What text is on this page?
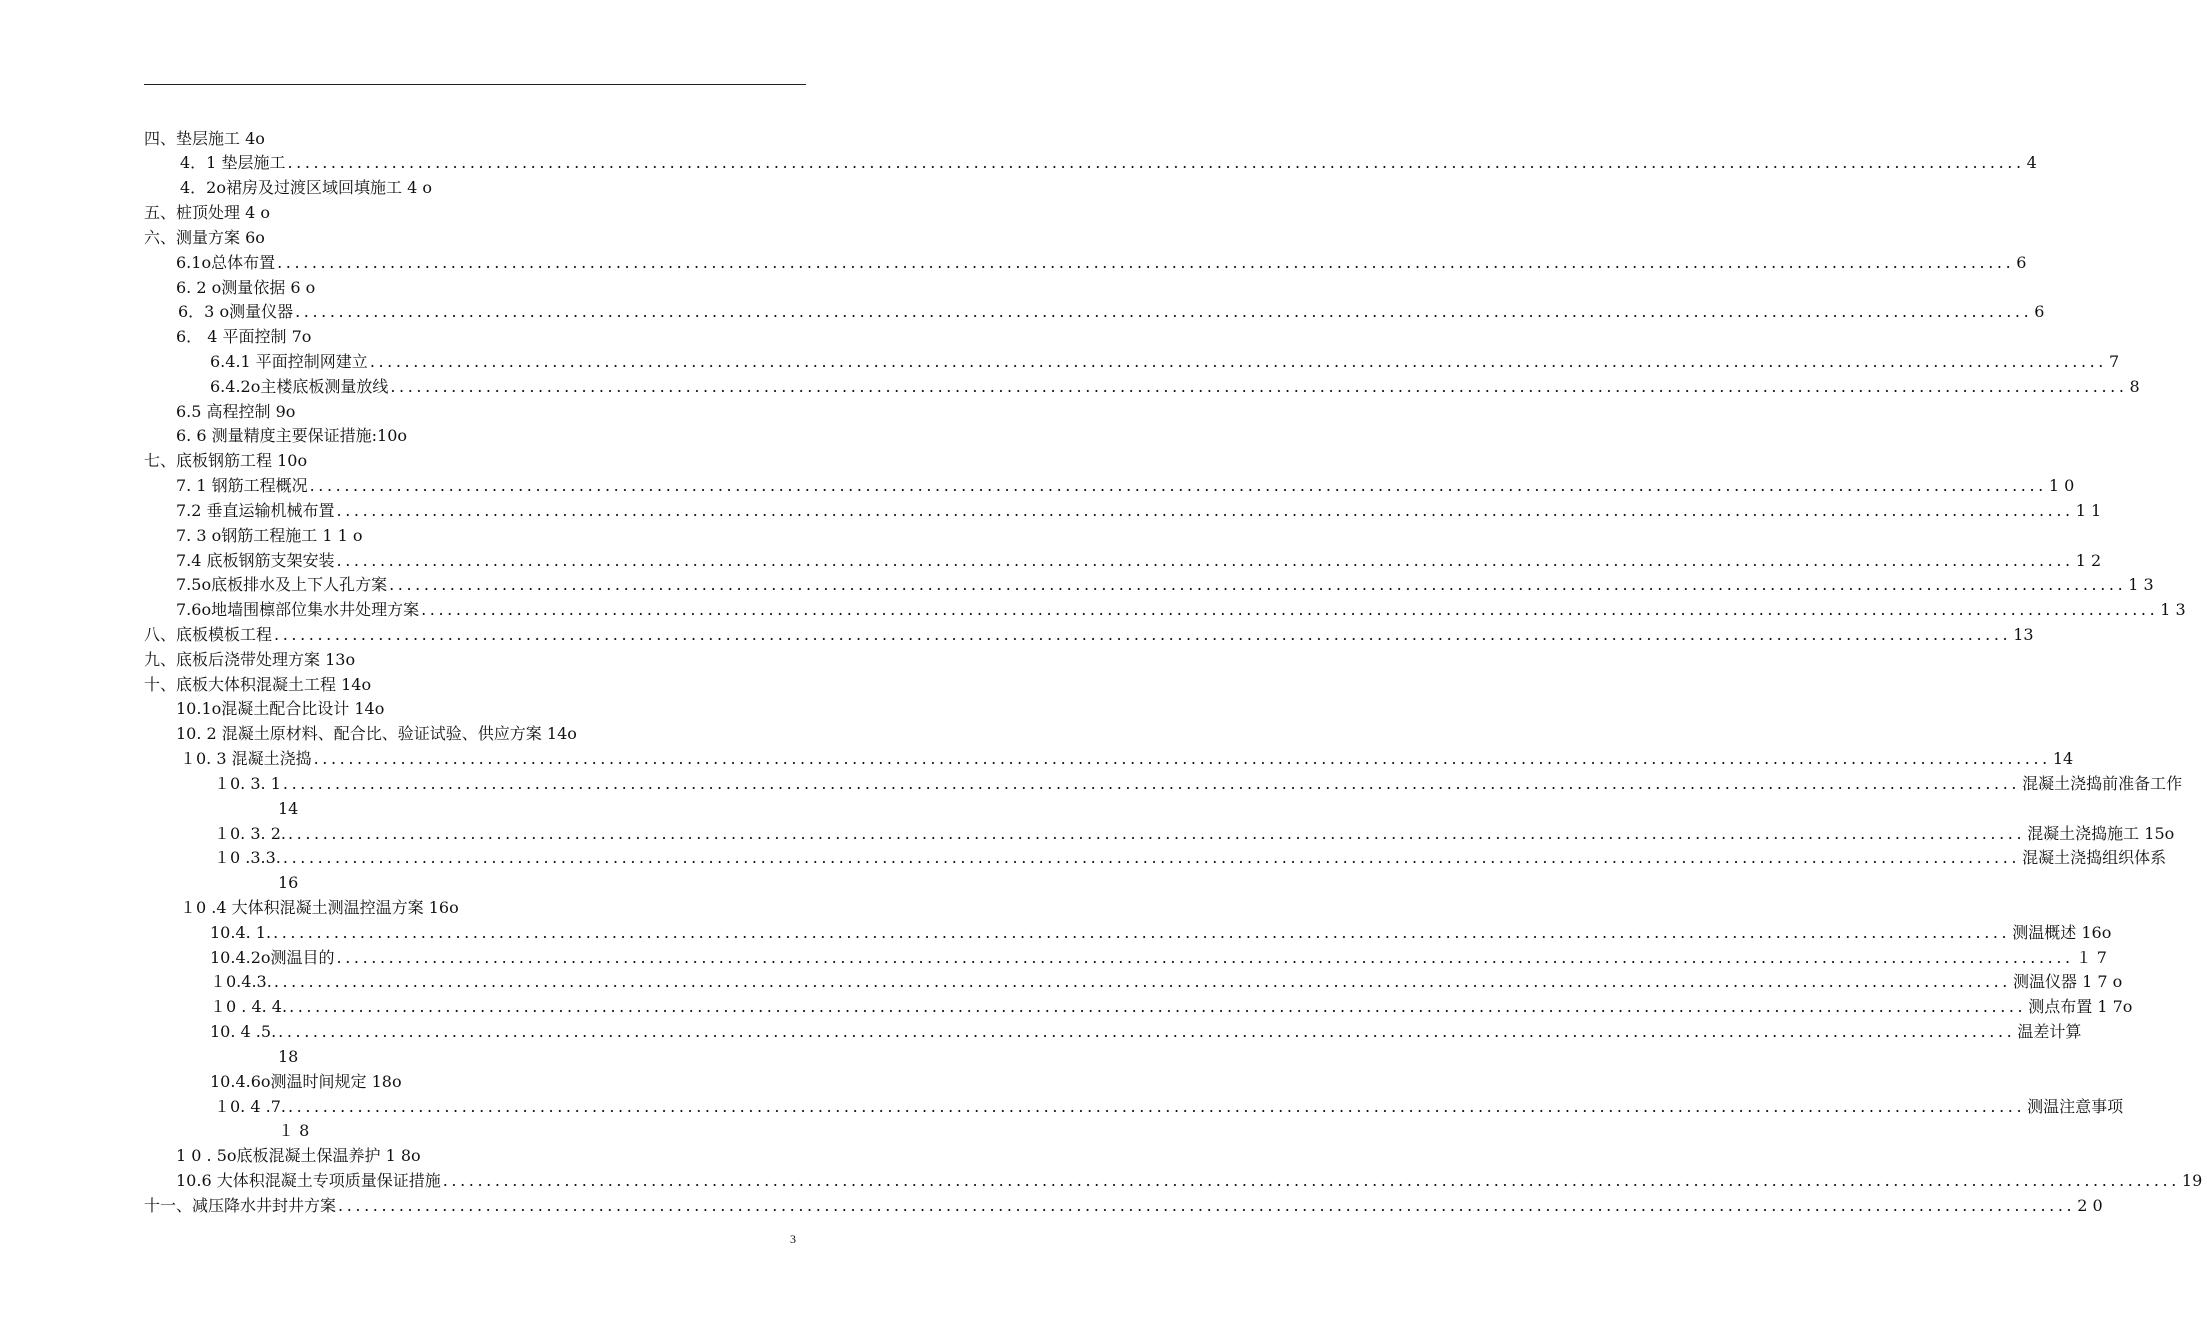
四、垫层施工 4o
4．1 垫层施工 ........................................................................................................................................................................................................ 4
4．2o裙房及过渡区域回填施工 4 o
五、桩顶处理 4 o
六、测量方案 6o
6.1o总体布置 ........................................................................................................................................................................................................ 6
6. 2 o测量依据 6 o
6．3 o测量仪器 ........................................................................................................................................................................................................ 6
6． 4 平面控制 7o
6.4.1 平面控制网建立 ........................................................................................................................................................................................................ 7
6.4.2o主楼底板测量放线 ........................................................................................................................................................................................................ 8
6.5 高程控制 9o
6. 6 测量精度主要保证措施:10o
七、底板钢筋工程 10o
7. 1 钢筋工程概况 ........................................................................................................................................................................................................ 1 0
7.2 垂直运输机械布置 ........................................................................................................................................................................................................ 1 1
7. 3 o钢筋工程施工 1 1 o
7.4 底板钢筋支架安装 ........................................................................................................................................................................................................ 1 2
7.5o底板排水及上下人孔方案 ........................................................................................................................................................................................................ 1 3
7.6o地墙围檩部位集水井处理方案 ........................................................................................................................................................................................................ 1 3
八、底板模板工程 ........................................................................................................................................................................................................ 13
九、底板后浇带处理方案 13o
十、底板大体积混凝土工程 14o
10.1o混凝土配合比设计 14o
10. 2 混凝土原材料、配合比、验证试验、供应方案 14o
１0. 3 混凝土浇捣 ........................................................................................................................................................................................................ 14
１0. 3. 1 ........................................................................................................................................................................................................ 混凝土浇捣前准备工作
14
１0. 3. 2. ........................................................................................................................................................................................................ 混凝土浇捣施工 15o
１0 .3.3. ........................................................................................................................................................................................................ 混凝土浇捣组织体系
16
１0 .4 大体积混凝土测温控温方案 16o
10.4. 1. ........................................................................................................................................................................................................ 测温概述 16o
10.4.2o测温目的 ........................................................................................................................................................................................................ １ 7
１0.4.3. ........................................................................................................................................................................................................ 测温仪器 1 7 o
１0 . 4. 4. ........................................................................................................................................................................................................ 测点布置 1 7o
10. 4 .5. ........................................................................................................................................................................................................ 温差计算
18
10.4.6o测温时间规定 18o
１0. 4 .7. ........................................................................................................................................................................................................ 测温注意事项
１ 8
1 0 . 5o底板混凝土保温养护 1 8o
10.6 大体积混凝土专项质量保证措施 ........................................................................................................................................................................................................ 19
十一、减压降水井封井方案 ........................................................................................................................................................................................................ 2 0
3
